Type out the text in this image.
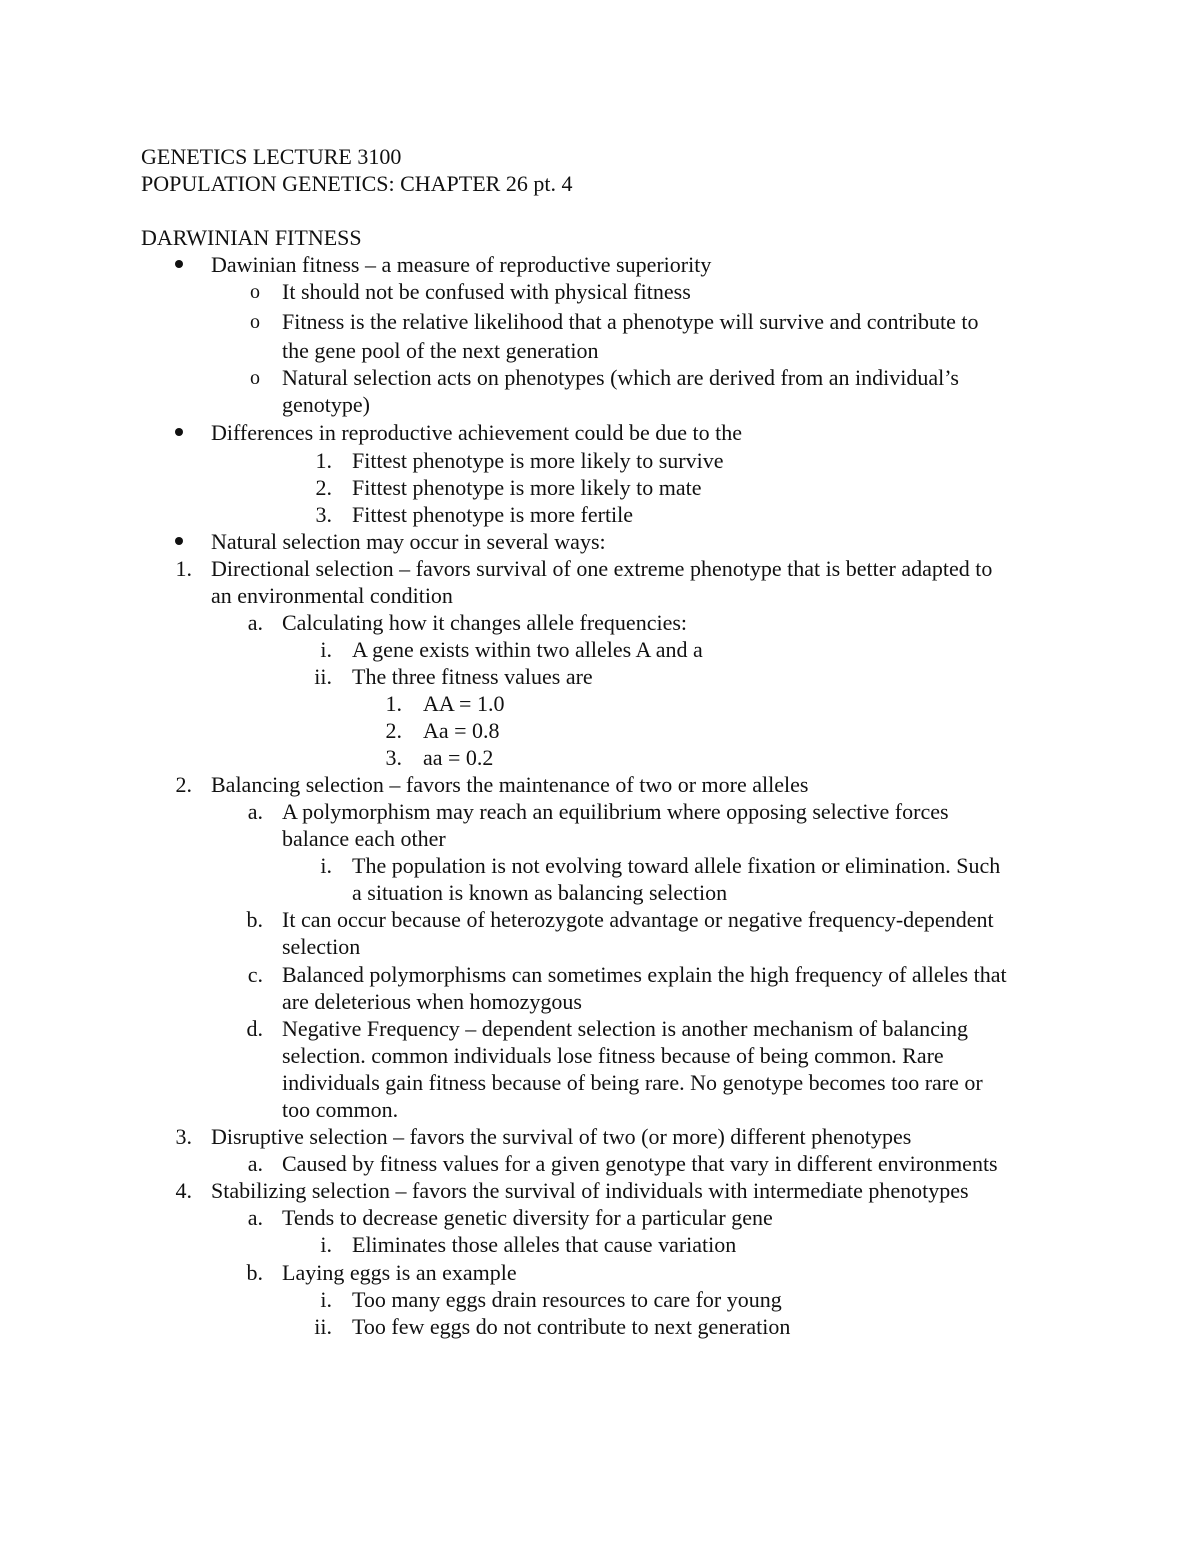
GENETICS LECTURE 3100
POPULATION GENETICS: CHAPTER 26 pt. 4
DARWINIAN FITNESS
Dawinian fitness – a measure of reproductive superiority
o It should not be confused with physical fitness
o Fitness is the relative likelihood that a phenotype will survive and contribute to
the gene pool of the next generation
o Natural selection acts on phenotypes (which are derived from an individual’s
genotype)
Differences in reproductive achievement could be due to the
1. Fittest phenotype is more likely to survive
2. Fittest phenotype is more likely to mate
3. Fittest phenotype is more fertile
Natural selection may occur in several ways:
1. Directional selection – favors survival of one extreme phenotype that is better adapted to
an environmental condition
a. Calculating how it changes allele frequencies:
i. A gene exists within two alleles A and a
ii. The three fitness values are
1. AA = 1.0
2. Aa = 0.8
3. aa = 0.2
2. Balancing selection – favors the maintenance of two or more alleles
a. A polymorphism may reach an equilibrium where opposing selective forces
balance each other
i. The population is not evolving toward allele fixation or elimination. Such
a situation is known as balancing selection
b. It can occur because of heterozygote advantage or negative frequency-dependent
selection
c. Balanced polymorphisms can sometimes explain the high frequency of alleles that
are deleterious when homozygous
d. Negative Frequency – dependent selection is another mechanism of balancing
selection. common individuals lose fitness because of being common. Rare
individuals gain fitness because of being rare. No genotype becomes too rare or
too common.
3. Disruptive selection – favors the survival of two (or more) different phenotypes
a. Caused by fitness values for a given genotype that vary in different environments
4. Stabilizing selection – favors the survival of individuals with intermediate phenotypes
a. Tends to decrease genetic diversity for a particular gene
i. Eliminates those alleles that cause variation
b. Laying eggs is an example
i. Too many eggs drain resources to care for young
ii. Too few eggs do not contribute to next generation
